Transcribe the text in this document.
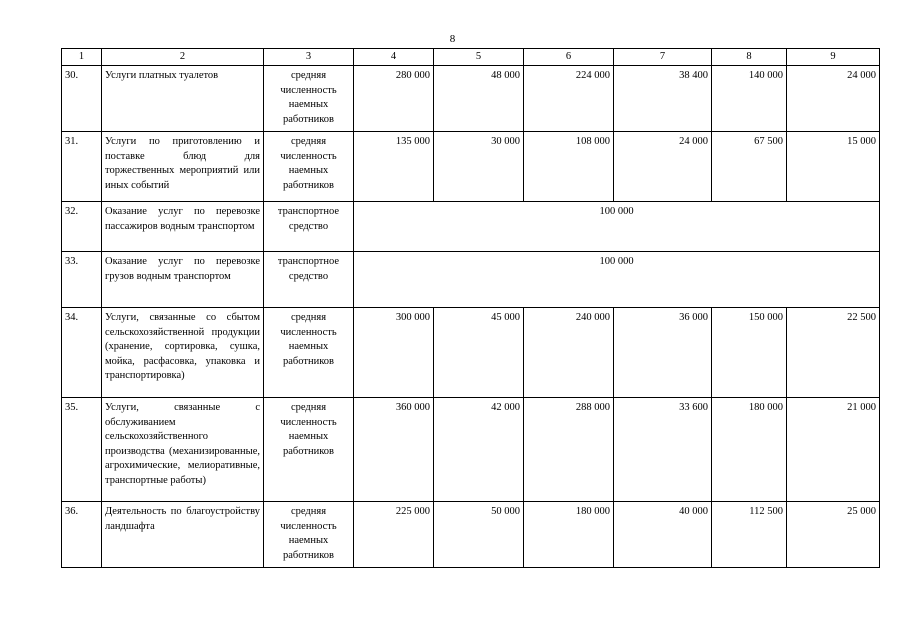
8
1	2	3	4	5	6	7	8	9
30.	Услуги платных туалетов	средняя численность наемных работников	280 000	48 000	224 000	38 400	140 000	24 000
31.	Услуги по приготовлению и поставке блюд для торжественных мероприятий или иных событий	средняя численность наемных работников	135 000	30 000	108 000	24 000	67 500	15 000
32.	Оказание услуг по перевозке пассажиров водным транспортом	транспортное средство	100 000					
33.	Оказание услуг по перевозке грузов водным транспортом	транспортное средство	100 000					
34.	Услуги, связанные со сбытом сельскохозяйственной продукции (хранение, сортировка, сушка, мойка, расфасовка, упаковка и транспортировка)	средняя численность наемных работников	300 000	45 000	240 000	36 000	150 000	22 500
35.	Услуги, связанные с обслуживанием сельскохозяйственного производства (механизированные, агрохимические, мелиоративные, транспортные работы)	средняя численность наемных работников	360 000	42 000	288 000	33 600	180 000	21 000
36.	Деятельность по благоустройству ландшафта	средняя численность наемных работников	225 000	50 000	180 000	40 000	112 500	25 000
